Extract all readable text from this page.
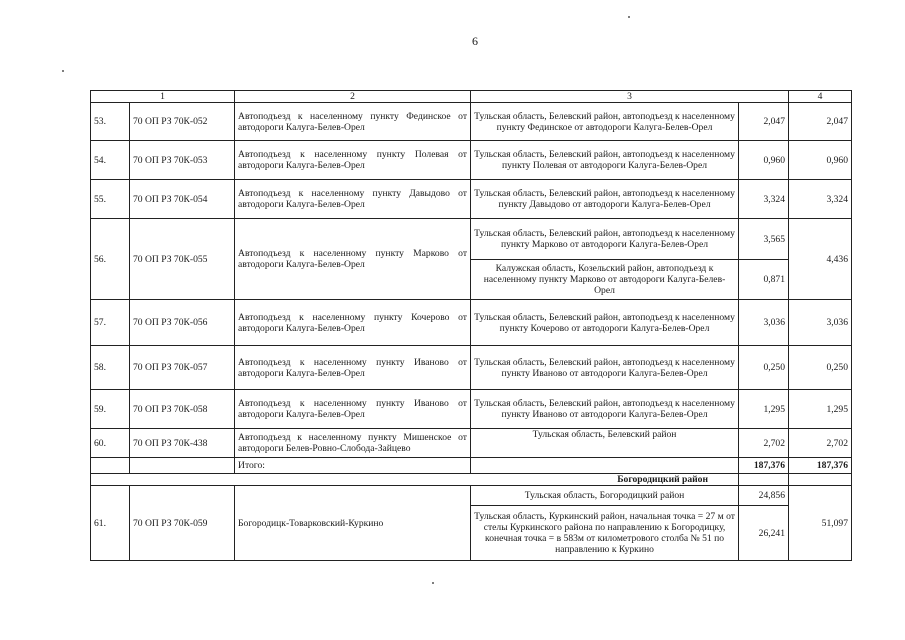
6
1		2	3		4
53.	70 ОП РЗ 70К-052	Автоподъезд к населенному пункту Фединское от автодороги Калуга-Белев-Орел	Тульская область, Белевский район, автоподъезд к населенному пункту Фединское от автодороги Калуга-Белев-Орел	2,047	2,047
54.	70 ОП РЗ 70К-053	Автоподъезд к населенному пункту Полевая от автодороги Калуга-Белев-Орел	Тульская область, Белевский район, автоподъезд к населенному пункту Полевая от автодороги Калуга-Белев-Орел	0,960	0,960
55.	70 ОП РЗ 70К-054	Автоподъезд к населенному пункту Давыдово от автодороги Калуга-Белев-Орел	Тульская область, Белевский район, автоподъезд к населенному пункту Давыдово от автодороги Калуга-Белев-Орел	3,324	3,324
56.	70 ОП РЗ 70К-055	Автоподъезд к населенному пункту Марково от автодороги Калуга-Белев-Орел	Тульская область, Белевский район, автоподъезд к населенному пункту Марково от автодороги Калуга-Белев-Орел	3,565	4,436
			Калужская область, Козельский район, автоподъезд к населенному пункту Марково от автодороги Калуга-Белев-Орел	0,871	
57.	70 ОП РЗ 70К-056	Автоподъезд к населенному пункту Кочерово от автодороги Калуга-Белев-Орел	Тульская область, Белевский район, автоподъезд к населенному пункту Кочерово от автодороги Калуга-Белев-Орел	3,036	3,036
58.	70 ОП РЗ 70К-057	Автоподъезд к населенному пункту Иваново от автодороги Калуга-Белев-Орел	Тульская область, Белевский район, автоподъезд к населенному пункту Иваново от автодороги Калуга-Белев-Орел	0,250	0,250
59.	70 ОП РЗ 70К-058	Автоподъезд к населенному пункту Иваново от автодороги Калуга-Белев-Орел	Тульская область, Белевский район, автоподъезд к населенному пункту Иваново от автодороги Калуга-Белев-Орел	1,295	1,295
60.	70 ОП РЗ 70К-438	Автоподъезд к населенному пункту Мишенское от автодороги Белев-Ровно-Слобода-Зайцево	Тульская область, Белевский район	2,702	2,702
		Итого:		187,376	187,376
Богородицкий район					
61.	70 ОП РЗ 70К-059	Богородицк-Товарковский-Куркино	Тульская область, Богородицкий район	24,856	51,097
			Тульская область, Куркинский район, начальная точка = 27 м от стелы Куркинского района по направлению к Богородицку, конечная точка = в 583м от километрового столба № 51 по направлению к Куркино	26,241	
